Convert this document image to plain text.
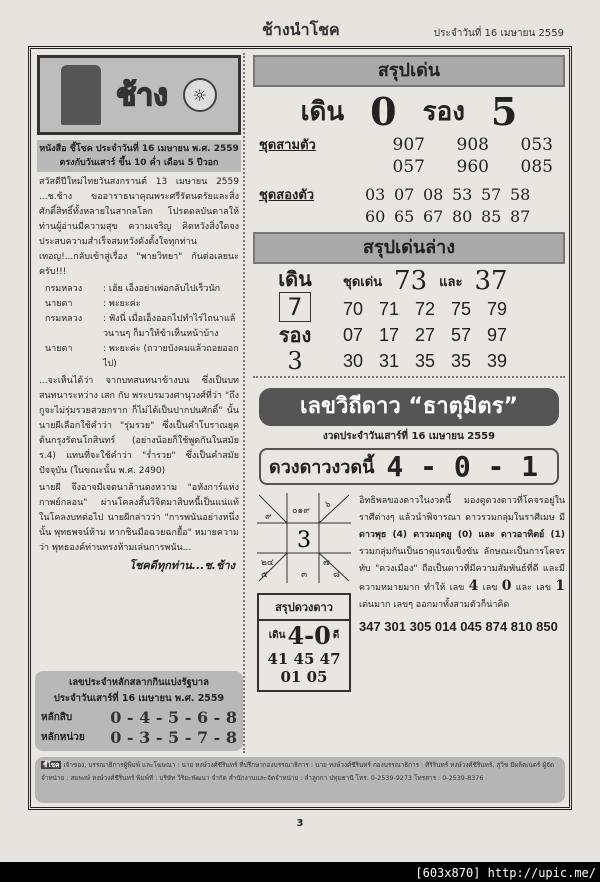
ช้างนำโชค	ประจำวันที่ 16 เมษายน 2559
ช้าง	☼
หนังสือ ชี้โชค ประจำวันที่ 16 เมษายน พ.ศ. 2559
ตรงกับวันเสาร์ ขึ้น 10 ค่ำ เดือน 5 ปีวอก

สวัสดีปีใหม่ไทยวันสงกรานต์ 13 เมษายน 2559 ...ช.ช้าง ขออาราธนาคุณพระศรีรัตนตรัยและสิ่งศักดิ์สิทธิ์ทั้งหลายในสากลโลก โปรดดลบันดาลให้ท่านผู้อ่านมีความสุข ความเจริญ คิดหวังสิ่งใดจงประสบความสำเร็จสมหวังดังตั้งใจทุกท่านเทอญ!...กลับเข้าสู่เรื่อง "พายวิทยา" กันต่อเลยนะครับ!!!

กรมหลวง	: เฮ้ย เอ็งอย่าเพ่อกลับไปเร็วนัก
นายดา	: พะยะค่ะ
กรมหลวง	: ฟังนี่ เมื่อเอ็งออกไปทำไร่ไถนาแล้วนานๆ ก็มาให้ข้าเห็นหน้าบ้าง
นายดา	: พะยะค่ะ (ถวายบังคมแล้วถอยออกไป)

...จะเห็นได้ว่า จากบทสนทนาข้างบน ซึ่งเป็นบทสนทนาระหว่าง เสก กับ พระบรมวงศานุวงศ์ที่ว่า "ถึงกูจะไม่รุ่มรวยสวยกราก ก็ไม่ได้เป็นปากปนศักดิ์" นั้น นายผีเลือกใช้คำว่า "รุ่มรวย" ซึ่งเป็นคำโบราณยุคต้นกรุงรัตนโกสินทร์ (อย่างน้อยก็ใช้พูดกันในสมัย ร.4) แทนที่จะใช้คำว่า "ร่ำรวย" ซึ่งเป็นคำสมัยปัจจุบัน (ในขณะนั้น พ.ศ. 2490)

นายผี จึงอาจมีเจตนาล้านตงหวาม "อหังการ์แห่งกาพย์กลอน" ผ่านโคลงสั้นวิจิตมาสิบหนี้เป็นแน่แท้ ในโคลงบทต่อไป นายผีกล่าวว่า "การพนันอย่างหนึ่งนั้น พุทธพจน์ห้าม หากชินมือฉวยฉกยื้อ" หมายความว่า พุทธองค์ท่านทรงห้ามเล่นการพนัน...

โชคดีทุกท่าน...ช.ช้าง
เลขประจำหลักสลากกินแบ่งรัฐบาล
ประจำวันเสาร์ที่ 16 เมษายน พ.ศ. 2559
หลักสิบ 0 - 4 - 5 - 6 - 8
หลักหน่วย 0 - 3 - 5 - 7 - 8
สรุปเด่น
เดิน 0 รอง 5
ชุดสามตัว	907	908	053
057	960	085
ชุดสองตัว	03 07 08 53 57 58
60 65 67 80 85 87
สรุปเด่นล่าง
เดิน
7
รอง
3
ชุดเด่น 73 และ 37
70 71 72 75 79
07 17 27 57 97
30 31 35 35 39
เลขวิถีดาว “ธาตุมิตร”
งวดประจำวันเสาร์ที่ 16 เมษายน 2559
ดวงดาวงวดนี้ 4 - 0 - 1
๙
๐๑๙
๖
๒๔
๕
๗
๘
๓
3
สรุปดวงดาว
เดิน 4-0 ดี
41 45 47
01 05
อิทธิพลของดาวในงวดนี้ มองดูดวงดาวที่โคจรอยู่ในราศีต่างๆ แล้วนำพิจารณา ดาวรวมกลุ่มในราศีเมษ มี ดาวพุธ (4) ดาวมฤตยู (0) และ ดาวอาทิตย์ (1) รวมกลุ่มกันเป็นธาตุแรงแข็งขัน ลักษณะเป็นการโคจรทับ "ดวงเมือง" ถือเป็นดาวที่มีความสัมพันธ์ที่ดี และมีความหมายมาก ทำให้ เลข 4 เลข 0 และ เลข 1 เด่นมาก เลขๆ ออกมาทั้งสามตัวก็น่าคิด
347 301 305 014 045 874 810 850
ชี้โชค เจ้าของ, บรรณาธิการผู้พิมพ์ และโฆษณา : นาย หงษ์วงศ์ชีรินทร์ ที่ปรึกษากองบรรณาธิการ : นาย หงษ์วงศ์ชีรินทร์ กองบรรณาธิการ : ศิริรินทร์ หงษ์วงศ์ชีรินทร์, สุวิช มีผลิตเนตร์ ผู้จัดจำหน่าย : สมพงษ์ หงษ์วงศ์ชีรินทร์ พิมพ์ที่ : บริษัท วิริยะพัฒนา จำกัด สำนักงานและจัดจำหน่าย : ลำลูกกา ปทุมธานี โทร. 0-2539-9273 โทรสาร : 0-2539-8376
3
[603x870] http://upic.me/
